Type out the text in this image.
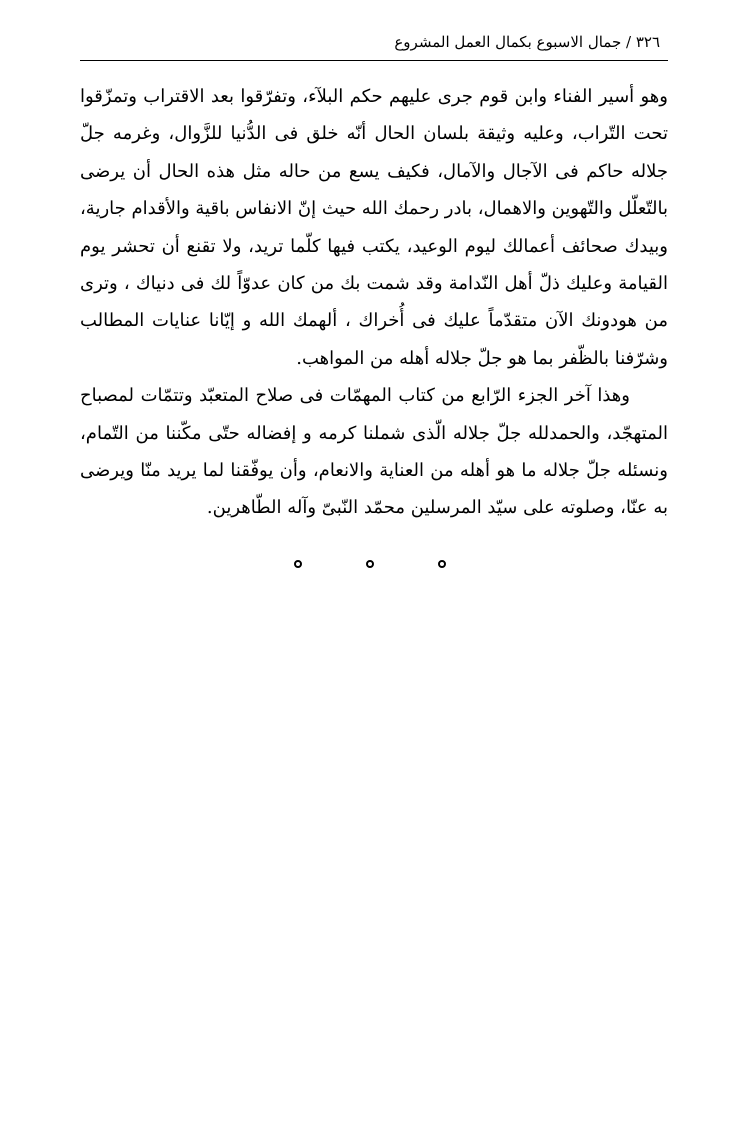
٣٢٦ / جمال الاسبوع بكمال العمل المشروع

وهو أسير الفناء وابن قوم جرى عليهم حكم البلآء، وتفرّقوا بعد الاقتراب وتمزّقوا تحت التّراب، وعليه وثيقة بلسان الحال أنّه خلق فى الدُّنيا للزَّوال، وغرمه جلّ جلاله حاكم فى الآجال والآمال، فكيف يسع من حاله مثل هذه الحال أن يرضى بالتّعلّل والتّهوين والاهمال، بادر رحمك الله حيث إنّ الانفاس باقية والأقدام جارية، وبيدك صحائف أعمالك ليوم الوعيد، يكتب فيها كلّما تريد، ولا تقنع أن تحشر يوم القيامة وعليك ذلّ أهل النّدامة وقد شمت بك من كان عدوّاً لك فى دنياك ، وترى من هودونك الآن متقدّماً عليك فى أُخراك ، ألهمك الله و إيّانا عنايات المطالب وشرّفنا بالظّفر بما هو جلّ جلاله أهله من المواهب.

وهذا آخر الجزء الرّابع من كتاب المهمّات فى صلاح المتعبّد وتتمّات لمصباح المتهجّد، والحمدلله جلّ جلاله الّذى شملنا كرمه و إفضاله حتّى مكّننا من التّمام، ونسئله جلّ جلاله ما هو أهله من العناية والانعام، وأن يوفّقنا لما يريد منّا ويرضى به عنّا، وصلوته على سيّد المرسلين محمّد النّبىّ وآله الطّاهرين.
